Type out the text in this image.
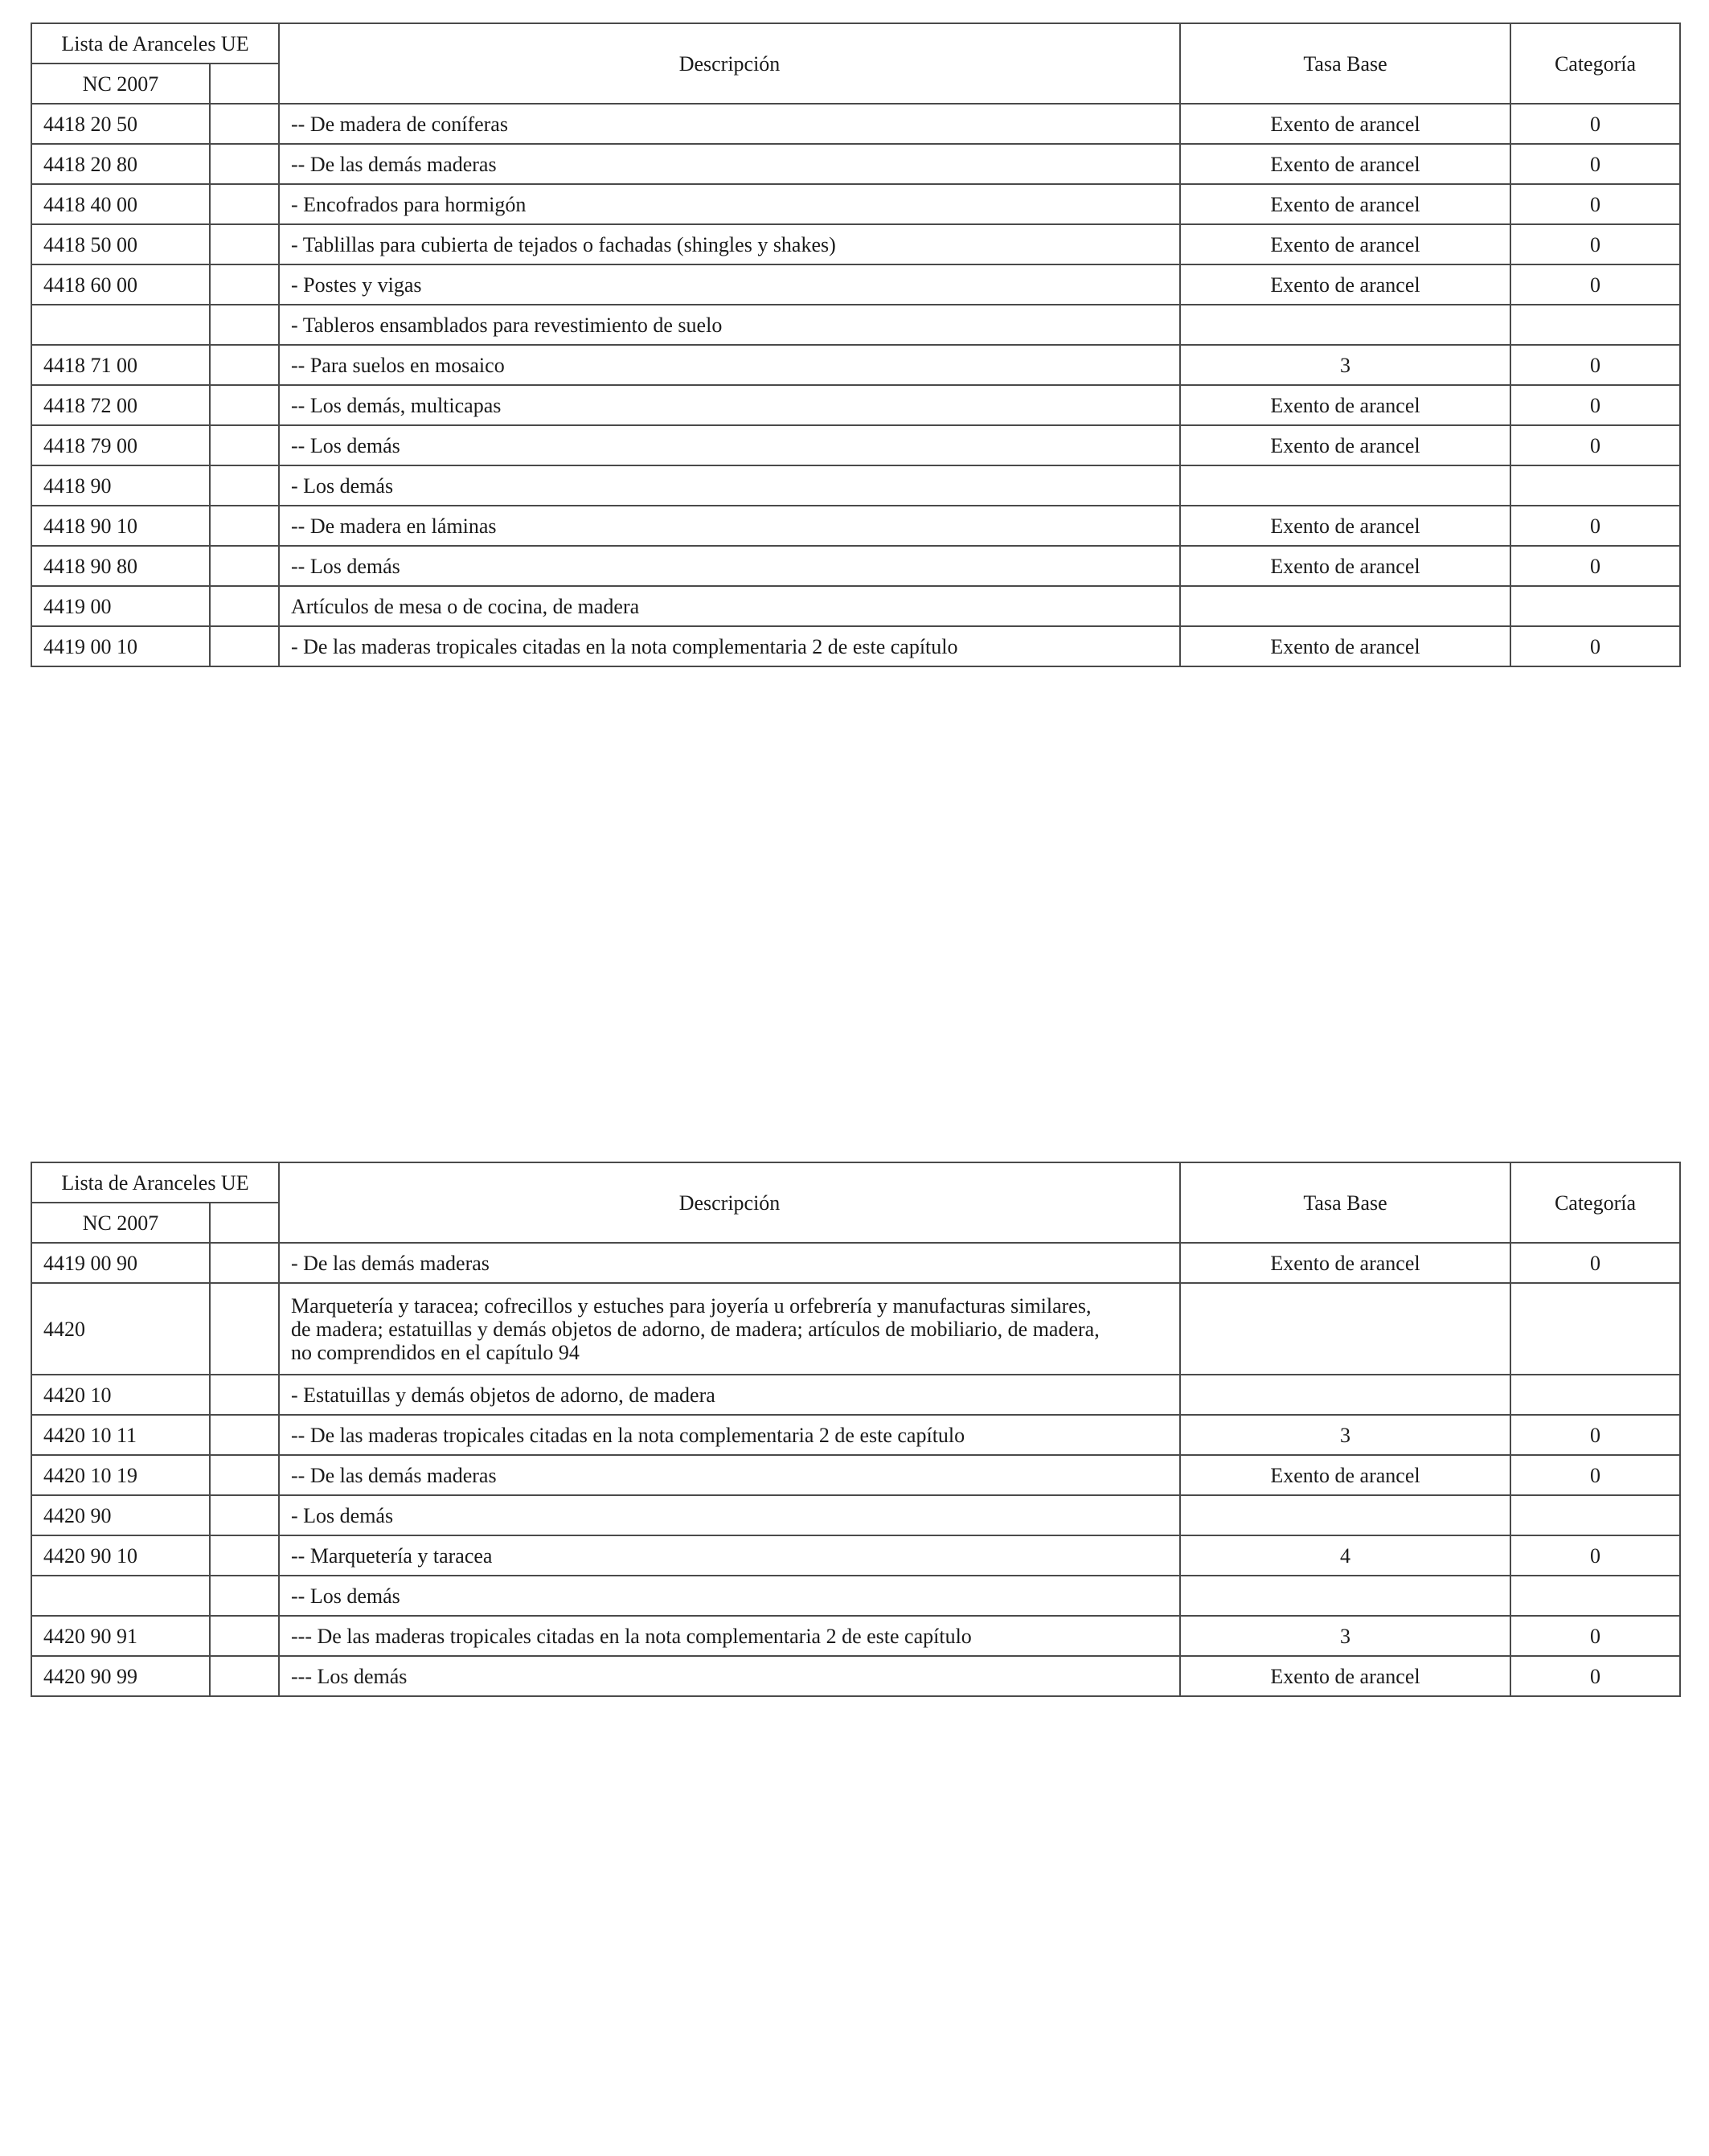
Lista de Aranceles UE		Descripción	Tasa Base	Categoría
NC 2007				
4418 20 50		-- De madera de coníferas	Exento de arancel	0
4418 20 80		-- De las demás maderas	Exento de arancel	0
4418 40 00		- Encofrados para hormigón	Exento de arancel	0
4418 50 00		- Tablillas para cubierta de tejados o fachadas (shingles y shakes)	Exento de arancel	0
4418 60 00		- Postes y vigas	Exento de arancel	0
		- Tableros ensamblados para revestimiento de suelo		
4418 71 00		-- Para suelos en mosaico	3	0
4418 72 00		-- Los demás, multicapas	Exento de arancel	0
4418 79 00		-- Los demás	Exento de arancel	0
4418 90		- Los demás		
4418 90 10		-- De madera en láminas	Exento de arancel	0
4418 90 80		-- Los demás	Exento de arancel	0
4419 00		Artículos de mesa o de cocina, de madera		
4419 00 10		- De las maderas tropicales citadas en la nota complementaria 2 de este capítulo	Exento de arancel	0
Lista de Aranceles UE		Descripción	Tasa Base	Categoría
NC 2007				
4419 00 90		- De las demás maderas	Exento de arancel	0
4420		Marquetería y taracea; cofrecillos y estuches para joyería u orfebrería y manufacturas similares,
de madera; estatuillas y demás objetos de adorno, de madera; artículos de mobiliario, de madera,
no comprendidos en el capítulo 94		

4420 10		- Estatuillas y demás objetos de adorno, de madera		
4420 10 11		-- De las maderas tropicales citadas en la nota complementaria 2 de este capítulo	3	0
4420 10 19		-- De las demás maderas	Exento de arancel	0
4420 90		- Los demás		
4420 90 10		-- Marquetería y taracea	4	0
		-- Los demás		
4420 90 91		--- De las maderas tropicales citadas en la nota complementaria 2 de este capítulo	3	0
4420 90 99		--- Los demás	Exento de arancel	0
